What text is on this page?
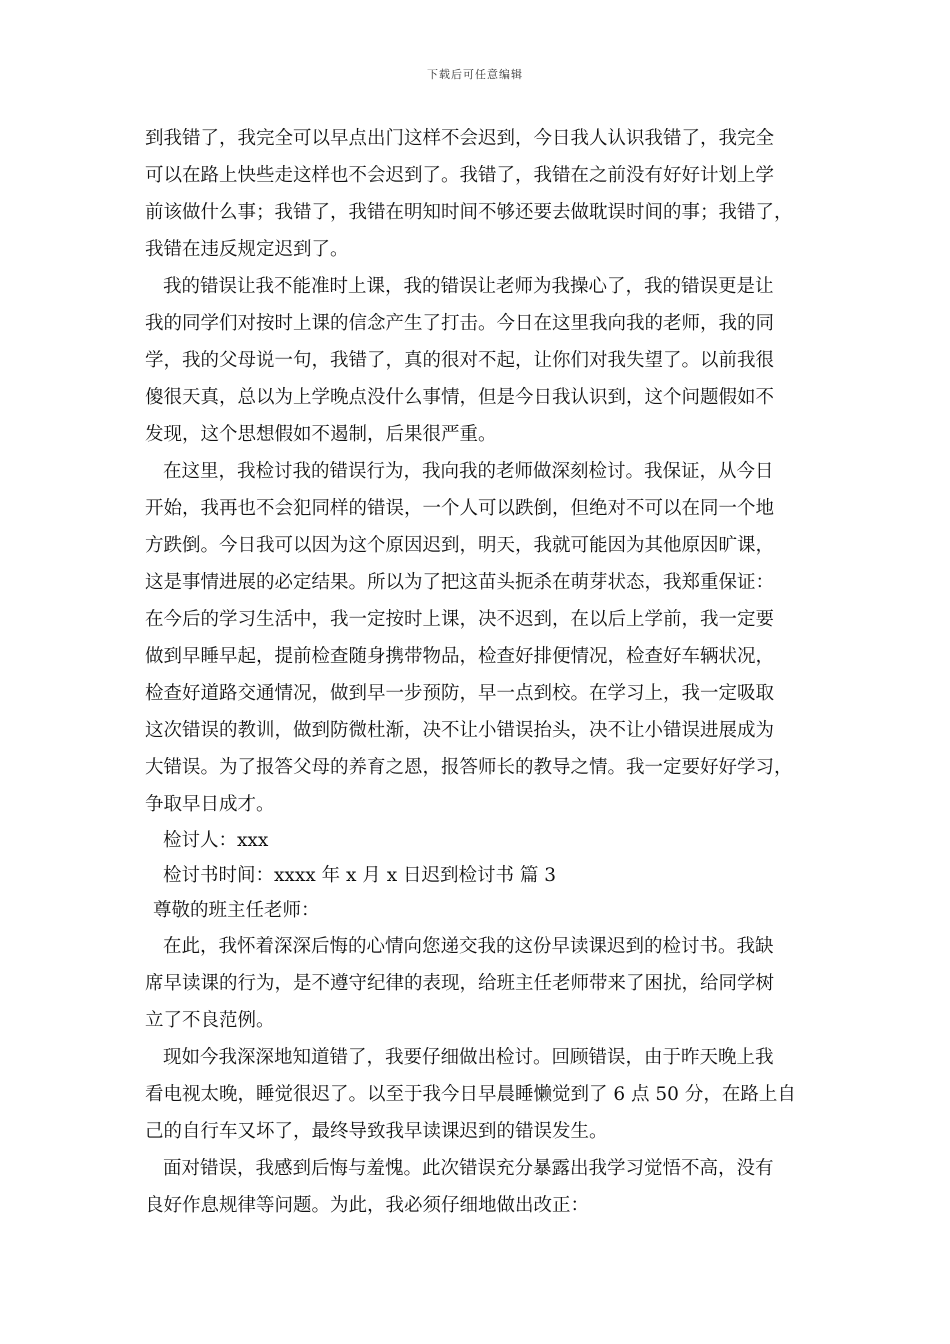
下载后可任意编辑
到我错了，我完全可以早点出门这样不会迟到，今日我人认识我错了，我完全
可以在路上快些走这样也不会迟到了。我错了，我错在之前没有好好计划上学
前该做什么事；我错了，我错在明知时间不够还要去做耽误时间的事；我错了，
我错在违反规定迟到了。
我的错误让我不能准时上课，我的错误让老师为我操心了，我的错误更是让
我的同学们对按时上课的信念产生了打击。今日在这里我向我的老师，我的同
学，我的父母说一句，我错了，真的很对不起，让你们对我失望了。以前我很
傻很天真，总以为上学晚点没什么事情，但是今日我认识到，这个问题假如不
发现，这个思想假如不遏制，后果很严重。
在这里，我检讨我的错误行为，我向我的老师做深刻检讨。我保证，从今日
开始，我再也不会犯同样的错误，一个人可以跌倒，但绝对不可以在同一个地
方跌倒。今日我可以因为这个原因迟到，明天，我就可能因为其他原因旷课，
这是事情进展的必定结果。所以为了把这苗头扼杀在萌芽状态，我郑重保证：
在今后的学习生活中，我一定按时上课，决不迟到，在以后上学前，我一定要
做到早睡早起，提前检查随身携带物品，检查好排便情况，检查好车辆状况，
检查好道路交通情况，做到早一步预防，早一点到校。在学习上，我一定吸取
这次错误的教训，做到防微杜渐，决不让小错误抬头，决不让小错误进展成为
大错误。为了报答父母的养育之恩，报答师长的教导之情。我一定要好好学习，
争取早日成才。
检讨人：xxx
检讨书时间：xxxx 年 x 月 x 日迟到检讨书 篇 3
尊敬的班主任老师：
在此，我怀着深深后悔的心情向您递交我的这份早读课迟到的检讨书。我缺
席早读课的行为，是不遵守纪律的表现，给班主任老师带来了困扰，给同学树
立了不良范例。
现如今我深深地知道错了，我要仔细做出检讨。回顾错误，由于昨天晚上我
看电视太晚，睡觉很迟了。以至于我今日早晨睡懒觉到了 6 点 50 分，在路上自
己的自行车又坏了，最终导致我早读课迟到的错误发生。
面对错误，我感到后悔与羞愧。此次错误充分暴露出我学习觉悟不高，没有
良好作息规律等问题。为此，我必须仔细地做出改正：
